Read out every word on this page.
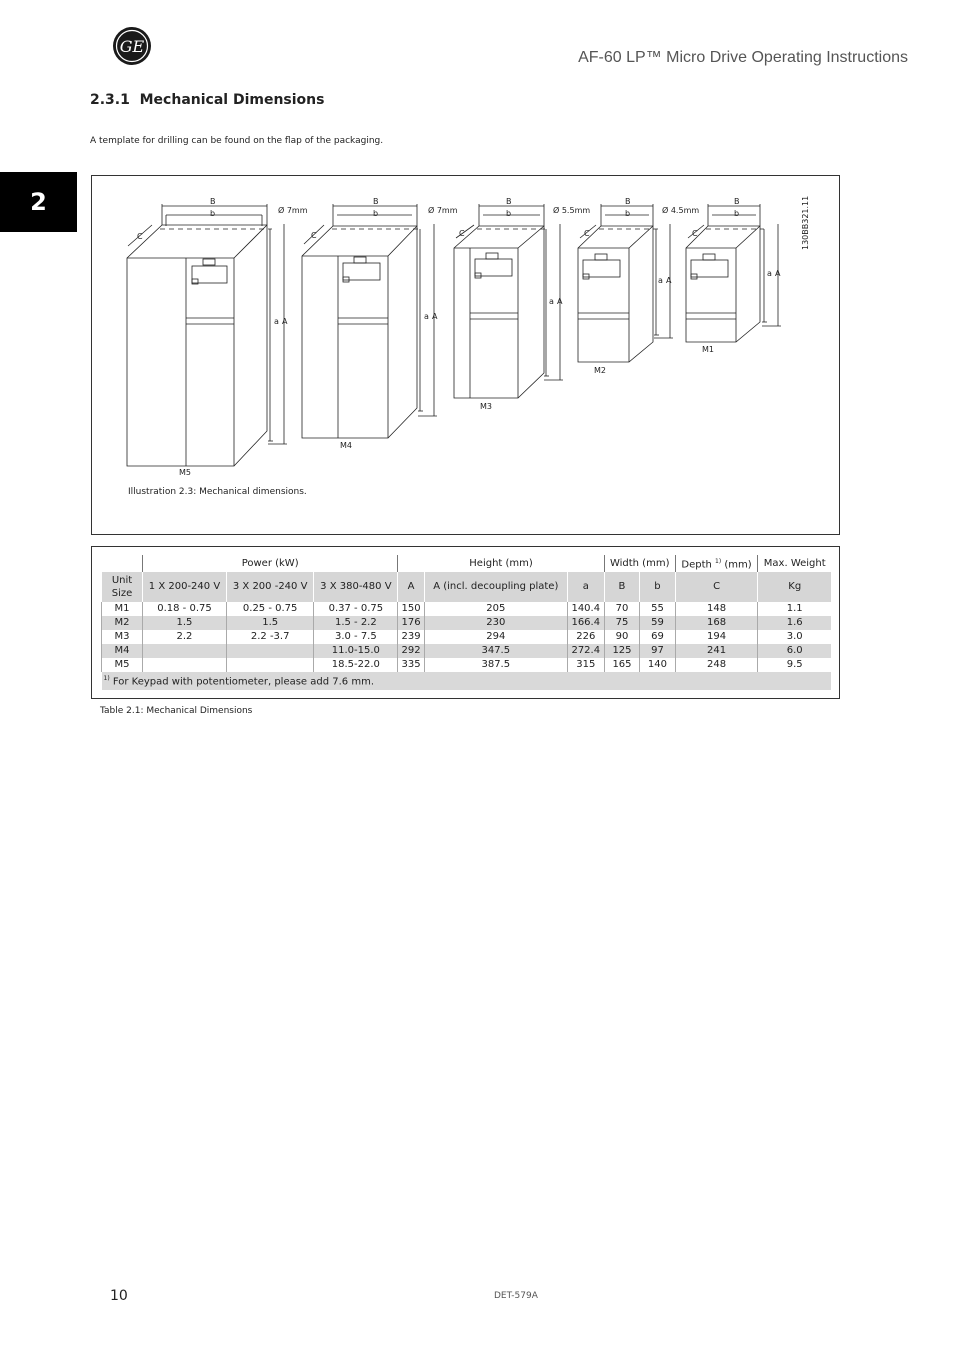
GE
AF-60 LP™ Micro Drive Operating Instructions
2
2.3.1 Mechanical Dimensions
A template for drilling can be found on the flap of the packaging.
B
b
C
a A
Ø 7mm
M5
B
b
C
a A
Ø 7mm
M4
B
b
C
a A
Ø 5.5mm
M3
B
b
C
a A
Ø 4.5mm
M2
B
b
C
a A
M1
130BB321.11
Illustration 2.3: Mechanical dimensions.
	Power (kW)			Height (mm)			Width (mm)		Depth $^{1)}$ (mm)	Max. Weight
Unit Size	1 X 200-240 V	3 X 200 -240 V	3 X 380-480 V	A	A (incl. decoupling plate)	a	B	b	C	Kg
M1	0.18 - 0.75	0.25 - 0.75	0.37 - 0.75	150	205	140.4	70	55	148	1.1
M2	1.5	1.5	1.5 - 2.2	176	230	166.4	75	59	168	1.6
M3	2.2	2.2 -3.7	3.0 - 7.5	239	294	226	90	69	194	3.0
M4			11.0-15.0	292	347.5	272.4	125	97	241	6.0
M5			18.5-22.0	335	387.5	315	165	140	248	9.5
$^{1)}$ For Keypad with potentiometer, please add 7.6 mm.										
Table 2.1: Mechanical Dimensions
10	DET-579A
